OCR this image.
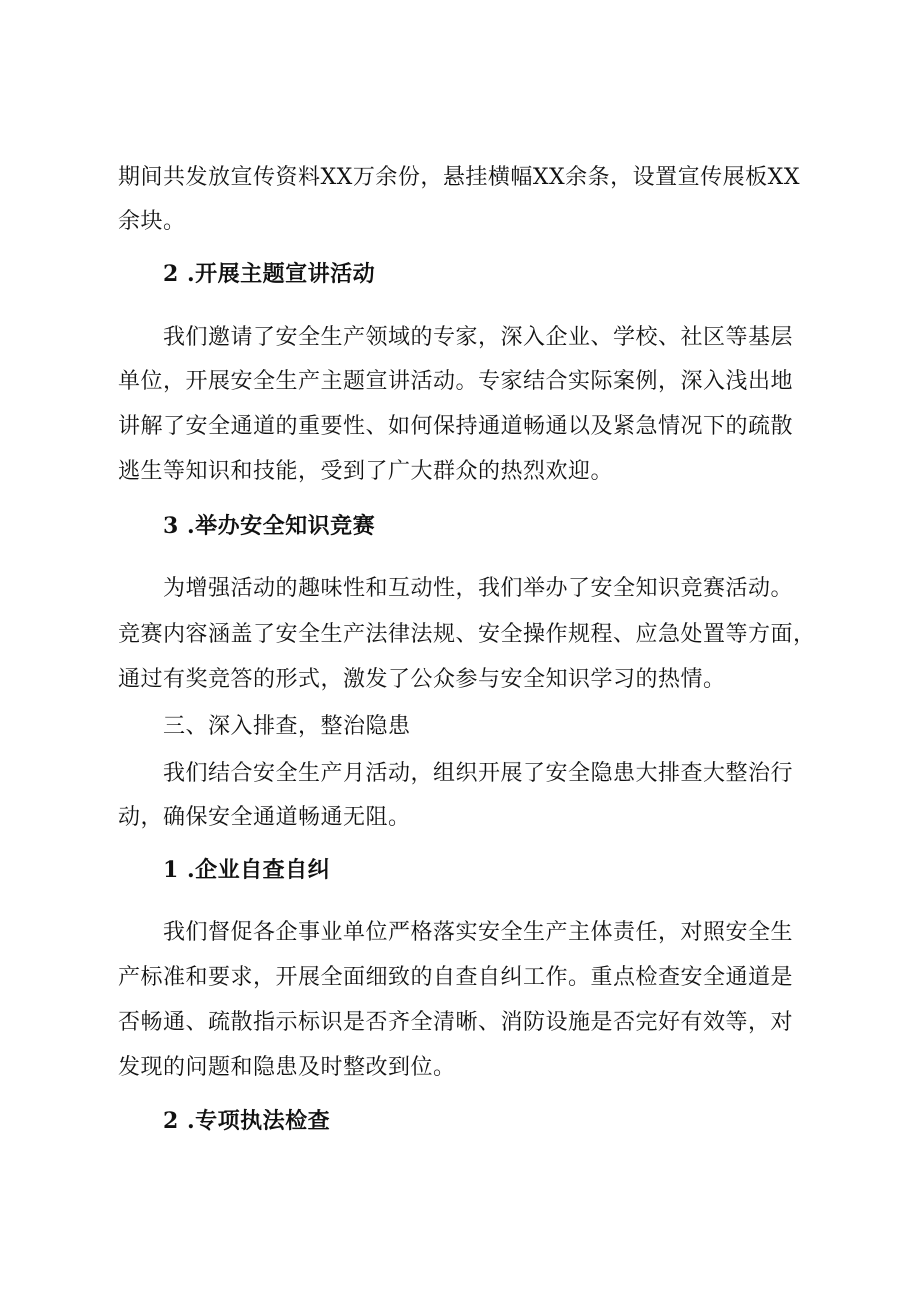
期间共发放宣传资料XX万余份，悬挂横幅XX余条，设置宣传展板XX
余块。
2 .开展主题宣讲活动
我们邀请了安全生产领域的专家，深入企业、学校、社区等基层
单位，开展安全生产主题宣讲活动。专家结合实际案例，深入浅出地
讲解了安全通道的重要性、如何保持通道畅通以及紧急情况下的疏散
逃生等知识和技能，受到了广大群众的热烈欢迎。
3 .举办安全知识竞赛
为增强活动的趣味性和互动性，我们举办了安全知识竞赛活动。
竞赛内容涵盖了安全生产法律法规、安全操作规程、应急处置等方面，
通过有奖竞答的形式，激发了公众参与安全知识学习的热情。
三、深入排查，整治隐患
我们结合安全生产月活动，组织开展了安全隐患大排查大整治行
动，确保安全通道畅通无阻。
1 .企业自查自纠
我们督促各企事业单位严格落实安全生产主体责任，对照安全生
产标准和要求，开展全面细致的自查自纠工作。重点检查安全通道是
否畅通、疏散指示标识是否齐全清晰、消防设施是否完好有效等，对
发现的问题和隐患及时整改到位。
2 .专项执法检查
